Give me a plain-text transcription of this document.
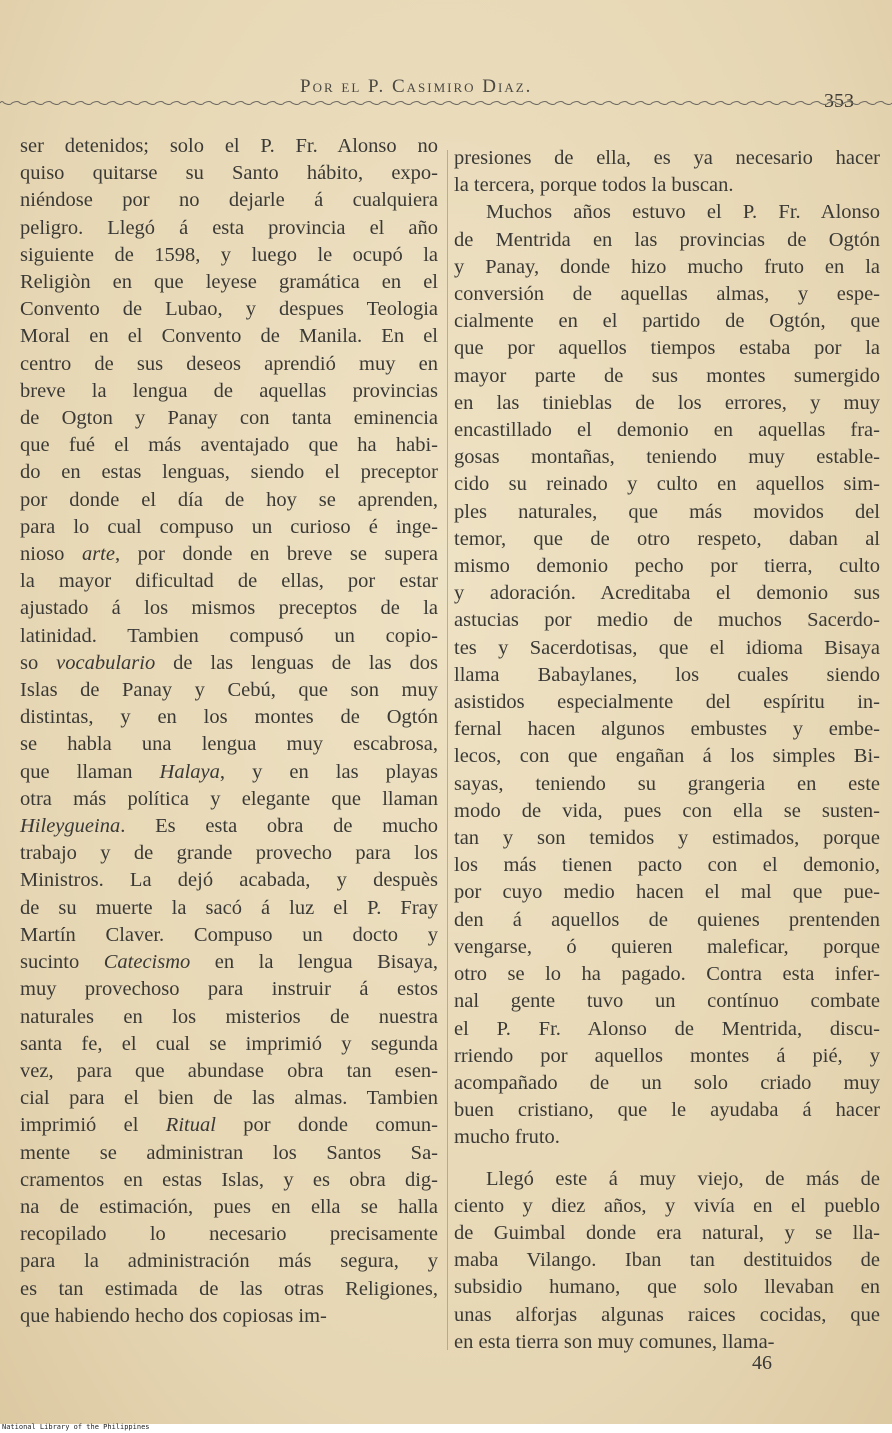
Por el P. Casimiro Diaz.
353
ser detenidos; solo el P. Fr. Alonso no
quiso quitarse su Santo hábito, expo-
niéndose por no dejarle á cualquiera
peligro. Llegó á esta provincia el año
siguiente de 1598, y luego le ocupó la
Religiòn en que leyese gramática en el
Convento de Lubao, y despues Teologia
Moral en el Convento de Manila. En el
centro de sus deseos aprendió muy en
breve la lengua de aquellas provincias
de Ogton y Panay con tanta eminencia
que fué el más aventajado que ha habi-
do en estas lenguas, siendo el preceptor
por donde el día de hoy se aprenden,
para lo cual compuso un curioso é inge-
nioso arte, por donde en breve se supera
la mayor dificultad de ellas, por estar
ajustado á los mismos preceptos de la
latinidad. Tambien compusó un copio-
so vocabulario de las lenguas de las dos
Islas de Panay y Cebú, que son muy
distintas, y en los montes de Ogtón
se habla una lengua muy escabrosa,
que llaman Halaya, y en las playas
otra más política y elegante que llaman
Hileygueina. Es esta obra de mucho
trabajo y de grande provecho para los
Ministros. La dejó acabada, y despuès
de su muerte la sacó á luz el P. Fray
Martín Claver. Compuso un docto y
sucinto Catecismo en la lengua Bisaya,
muy provechoso para instruir á estos
naturales en los misterios de nuestra
santa fe, el cual se imprimió y segunda
vez, para que abundase obra tan esen-
cial para el bien de las almas. Tambien
imprimió el Ritual por donde comun-
mente se administran los Santos Sa-
cramentos en estas Islas, y es obra dig-
na de estimación, pues en ella se halla
recopilado lo necesario precisamente
para la administración más segura, y
es tan estimada de las otras Religiones,
que habiendo hecho dos copiosas im-
presiones de ella, es ya necesario hacer
la tercera, porque todos la buscan.
Muchos años estuvo el P. Fr. Alonso
de Mentrida en las provincias de Ogtón
y Panay, donde hizo mucho fruto en la
conversión de aquellas almas, y espe-
cialmente en el partido de Ogtón, que
que por aquellos tiempos estaba por la
mayor parte de sus montes sumergido
en las tinieblas de los errores, y muy
encastillado el demonio en aquellas fra-
gosas montañas, teniendo muy estable-
cido su reinado y culto en aquellos sim-
ples naturales, que más movidos del
temor, que de otro respeto, daban al
mismo demonio pecho por tierra, culto
y adoración. Acreditaba el demonio sus
astucias por medio de muchos Sacerdo-
tes y Sacerdotisas, que el idioma Bisaya
llama Babaylanes, los cuales siendo
asistidos especialmente del espíritu in-
fernal hacen algunos embustes y embe-
lecos, con que engañan á los simples Bi-
sayas, teniendo su grangeria en este
modo de vida, pues con ella se susten-
tan y son temidos y estimados, porque
los más tienen pacto con el demonio,
por cuyo medio hacen el mal que pue-
den á aquellos de quienes prentenden
vengarse, ó quieren maleficar, porque
otro se lo ha pagado. Contra esta infer-
nal gente tuvo un contínuo combate
el P. Fr. Alonso de Mentrida, discu-
rriendo por aquellos montes á pié, y
acompañado de un solo criado muy
buen cristiano, que le ayudaba á hacer
mucho fruto.
Llegó este á muy viejo, de más de
ciento y diez años, y vivía en el pueblo
de Guimbal donde era natural, y se lla-
maba Vilango. Iban tan destituidos de
subsidio humano, que solo llevaban en
unas alforjas algunas raices cocidas, que
en esta tierra son muy comunes, llama-
46
National Library of the Philippines
